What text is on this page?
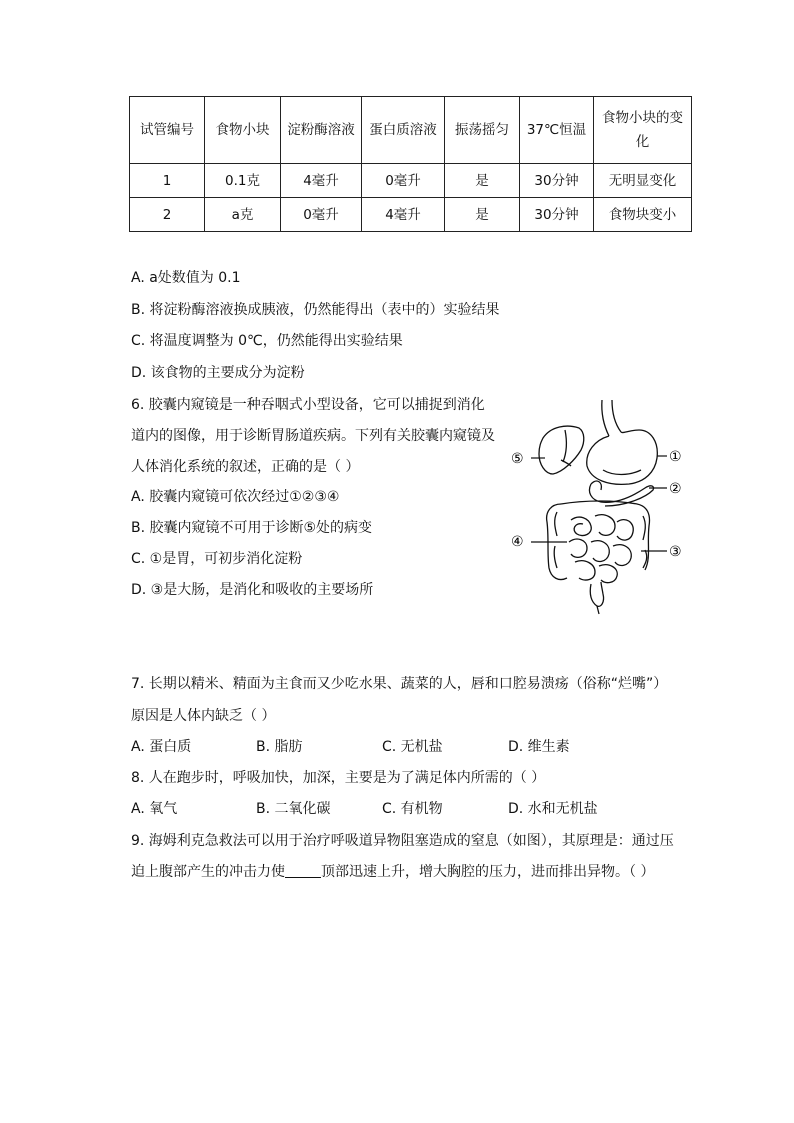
试管编号	食物小块	淀粉酶溶液	蛋白质溶液	振荡摇匀	37℃恒温	食物小块的变化
1	0.1克	4毫升	0毫升	是	30分钟	无明显变化
2	a克	0毫升	4毫升	是	30分钟	食物块变小
A. a处数值为 0.1
B. 将淀粉酶溶液换成胰液，仍然能得出（表中的）实验结果
C. 将温度调整为 0℃，仍然能得出实验结果
D. 该食物的主要成分为淀粉
6. 胶囊内窥镜是一种吞咽式小型设备，它可以捕捉到消化
道内的图像，用于诊断胃肠道疾病。下列有关胶囊内窥镜及
人体消化系统的叙述，正确的是（ ）
A. 胶囊内窥镜可依次经过①②③④
B. 胶囊内窥镜不可用于诊断⑤处的病变
C. ①是胃，可初步消化淀粉
D. ③是大肠，是消化和吸收的主要场所
①
②
③
④
⑤
7. 长期以精米、精面为主食而又少吃水果、蔬菜的人，唇和口腔易溃疡（俗称“烂嘴”）
原因是人体内缺乏（ ）
A. 蛋白质	B. 脂肪	C. 无机盐	D. 维生素
8. 人在跑步时，呼吸加快，加深，主要是为了满足体内所需的（ ）
A. 氧气	B. 二氧化碳	C. 有机物	D. 水和无机盐
9. 海姆利克急救法可以用于治疗呼吸道异物阻塞造成的窒息（如图），其原理是：通过压
迫上腹部产生的冲击力使	顶部迅速上升，增大胸腔的压力，进而排出异物。（ ）
